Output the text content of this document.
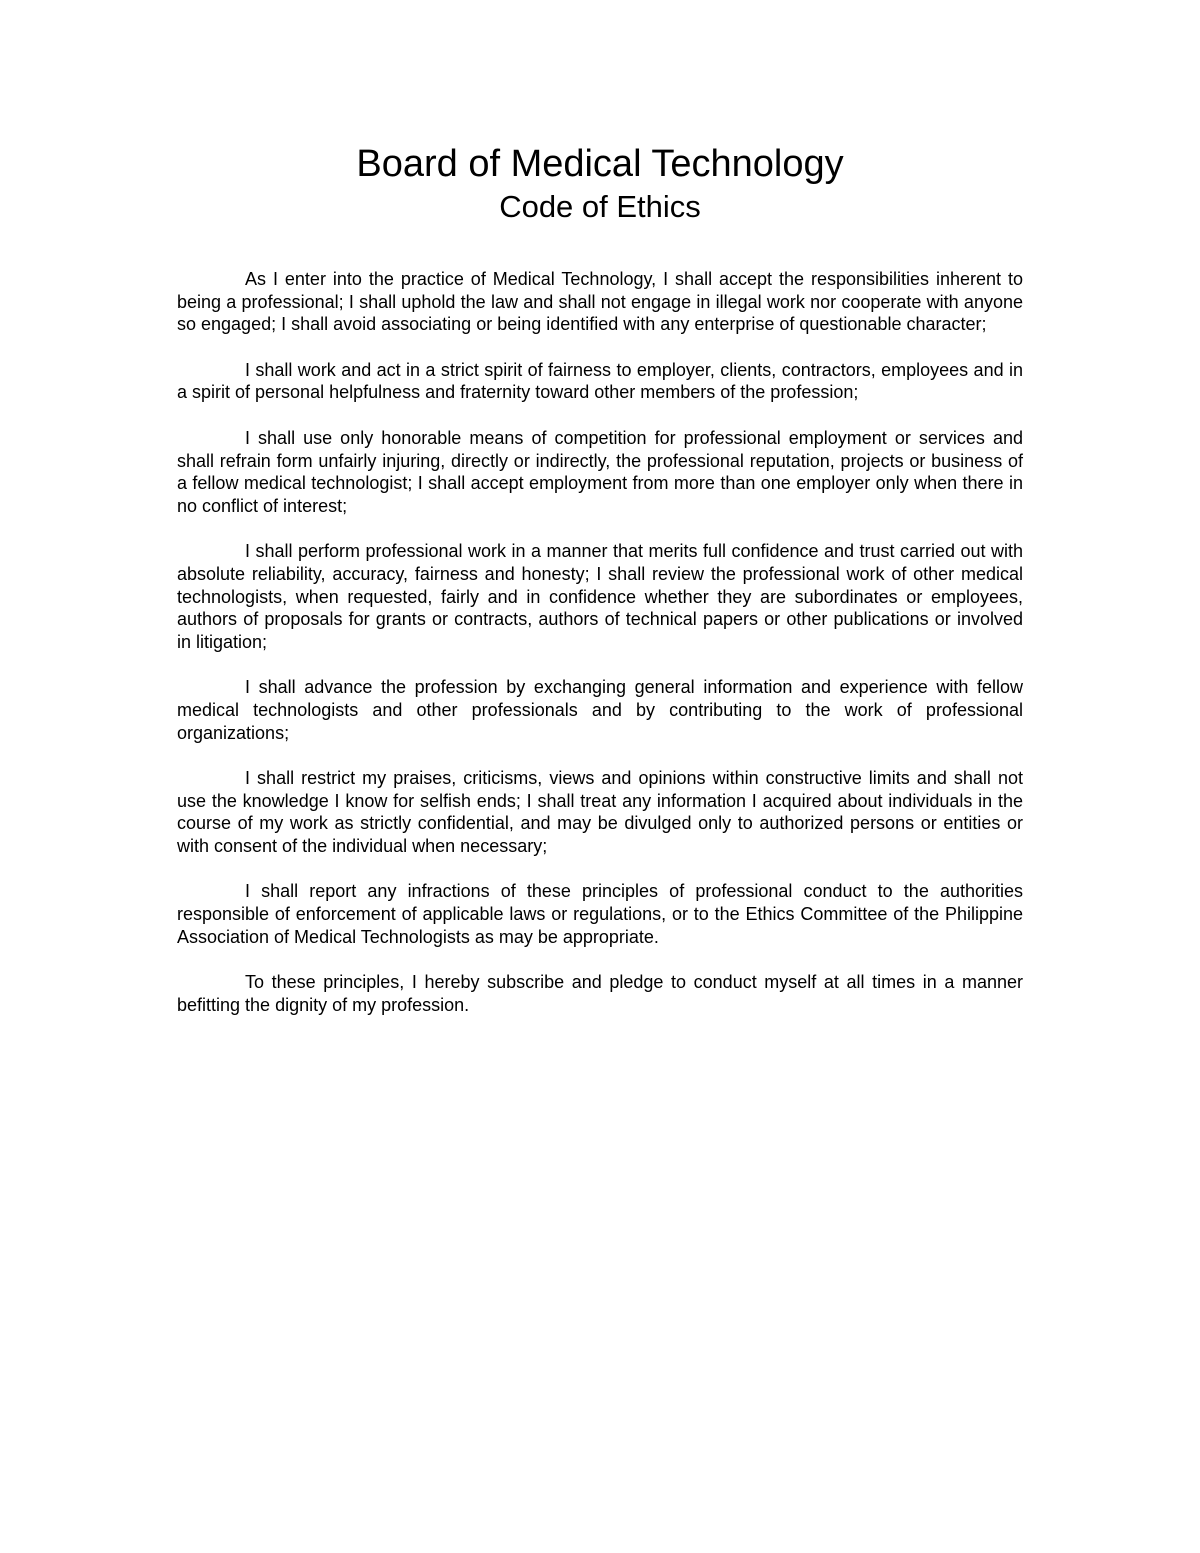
Board of Medical Technology
Code of Ethics

As I enter into the practice of Medical Technology, I shall accept the responsibilities inherent to being a professional; I shall uphold the law and shall not engage in illegal work nor cooperate with anyone so engaged; I shall avoid associating or being identified with any enterprise of questionable character;

I shall work and act in a strict spirit of fairness to employer, clients, contractors, employees and in a spirit of personal helpfulness and fraternity toward other members of the profession;

I shall use only honorable means of competition for professional employment or services and shall refrain form unfairly injuring, directly or indirectly, the professional reputation, projects or business of a fellow medical technologist; I shall accept employment from more than one employer only when there in no conflict of interest;

I shall perform professional work in a manner that merits full confidence and trust carried out with absolute reliability, accuracy, fairness and honesty; I shall review the professional work of other medical technologists, when requested, fairly and in confidence whether they are subordinates or employees, authors of proposals for grants or contracts, authors of technical papers or other publications or involved in litigation;

I shall advance the profession by exchanging general information and experience with fellow medical technologists and other professionals and by contributing to the work of professional organizations;

I shall restrict my praises, criticisms, views and opinions within constructive limits and shall not use the knowledge I know for selfish ends; I shall treat any information I acquired about individuals in the course of my work as strictly confidential, and may be divulged only to authorized persons or entities or with consent of the individual when necessary;

I shall report any infractions of these principles of professional conduct to the authorities responsible of enforcement of applicable laws or regulations, or to the Ethics Committee of the Philippine Association of Medical Technologists as may be appropriate.

To these principles, I hereby subscribe and pledge to conduct myself at all times in a manner befitting the dignity of my profession.
